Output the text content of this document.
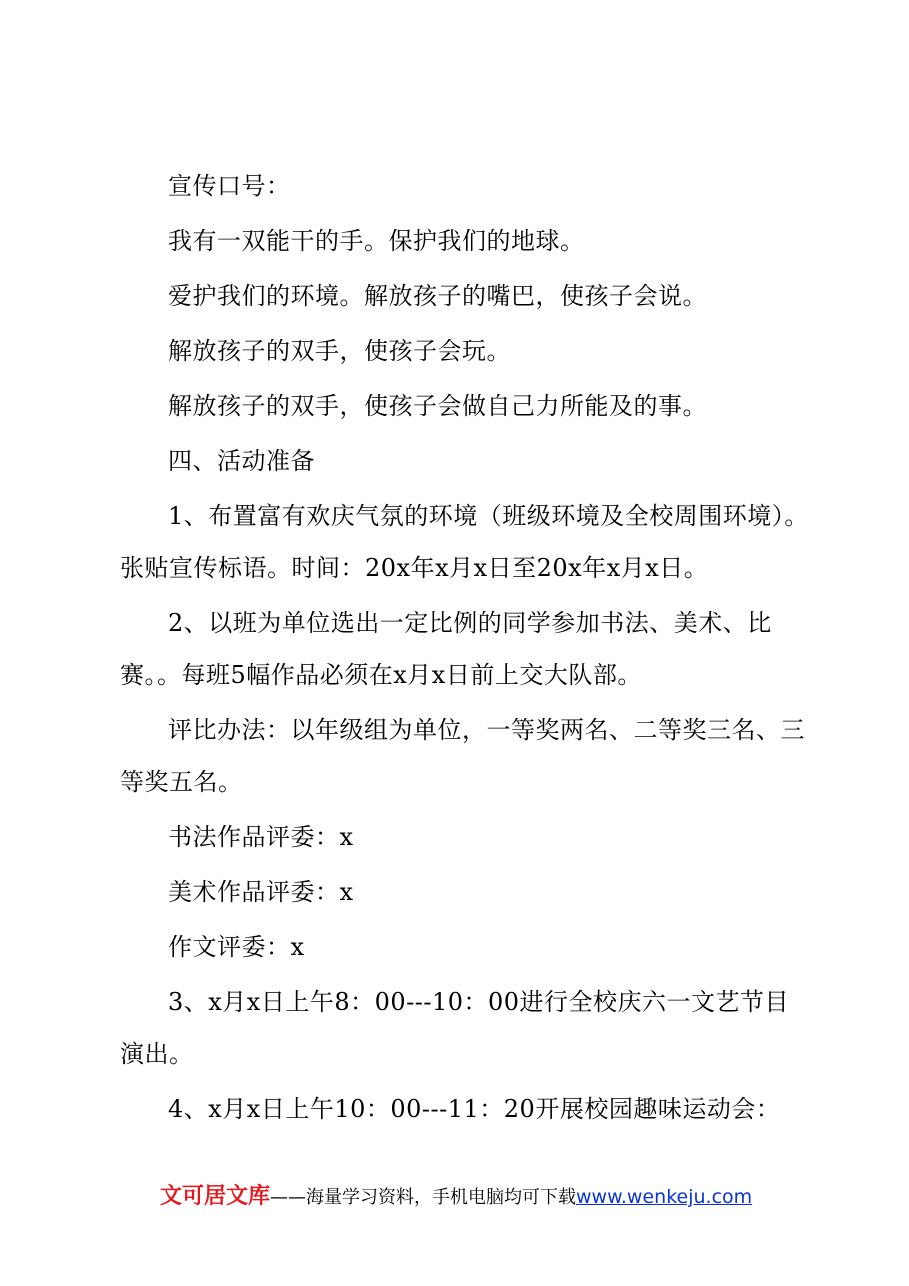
宣传口号：

我有一双能干的手。保护我们的地球。

爱护我们的环境。解放孩子的嘴巴，使孩子会说。

解放孩子的双手，使孩子会玩。

解放孩子的双手，使孩子会做自己力所能及的事。

四、活动准备

1、布置富有欢庆气氛的环境（班级环境及全校周围环境）。张贴宣传标语。时间：20x年x月x日至20x年x月x日。

2、以班为单位选出一定比例的同学参加书法、美术、比赛。。每班5幅作品必须在x月x日前上交大队部。

评比办法：以年级组为单位，一等奖两名、二等奖三名、三等奖五名。

书法作品评委：x

美术作品评委：x

作文评委：x

3、x月x日上午8：00---10：00进行全校庆六一文艺节目演出。

4、x月x日上午10：00---11：20开展校园趣味运动会：

文可居文库——海量学习资料，手机电脑均可下载www.wenkeju.com
